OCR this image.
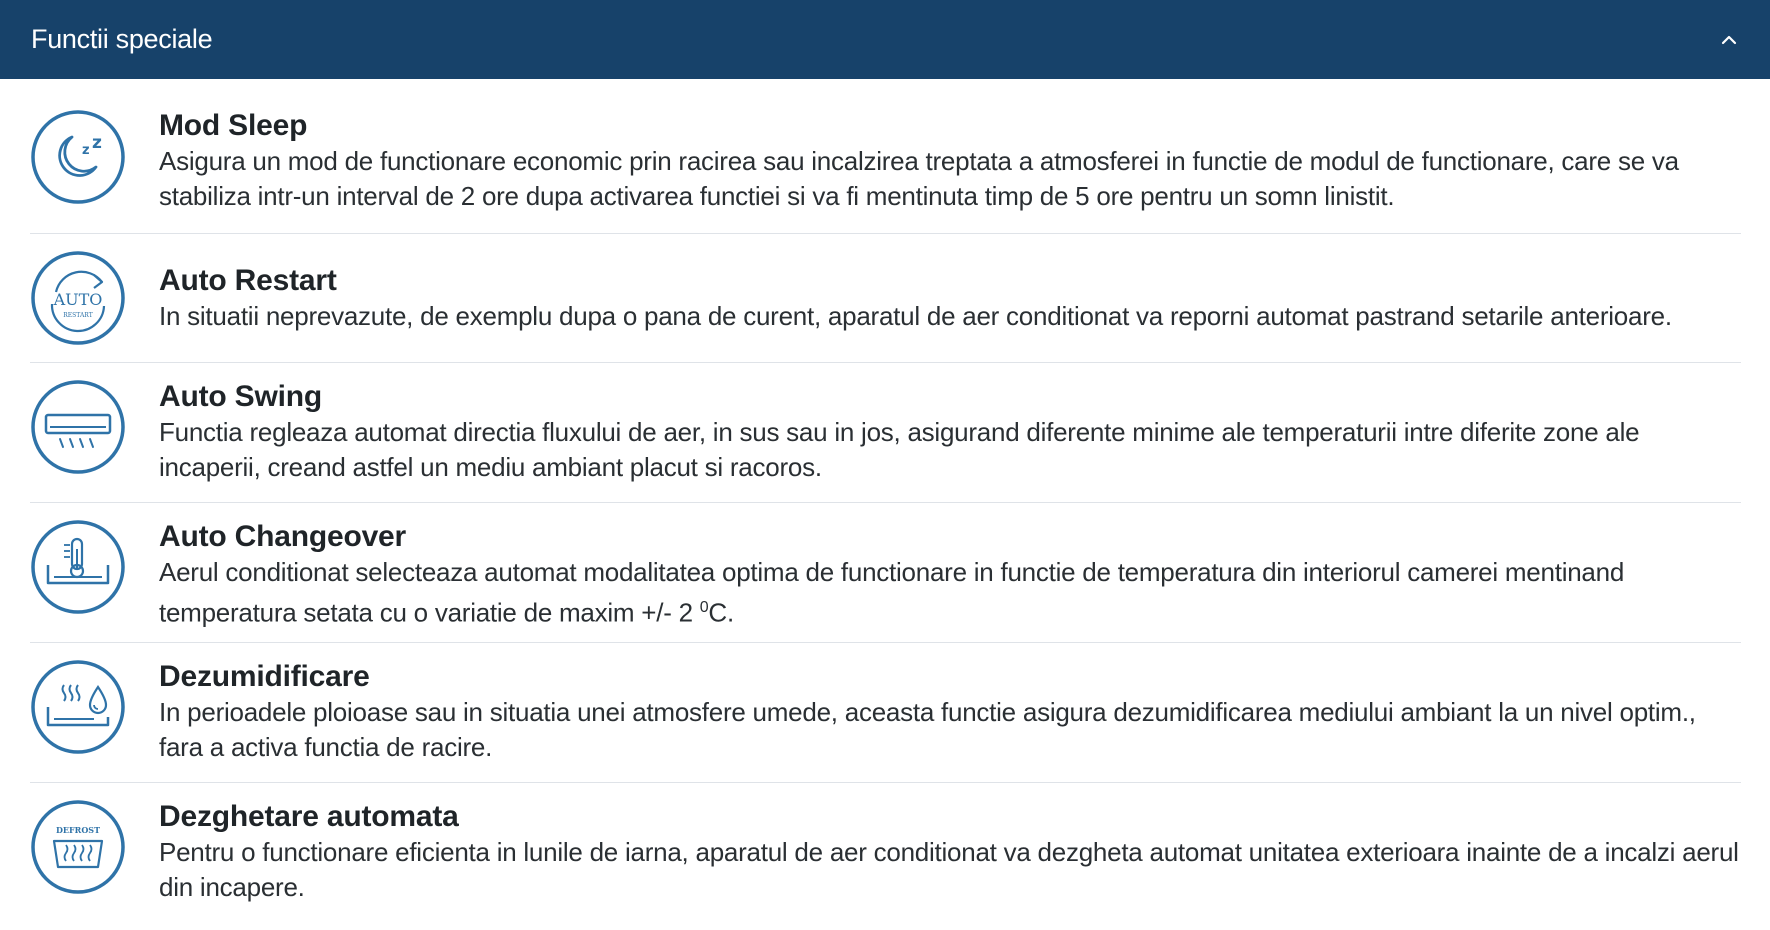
Functii speciale
z z
Mod Sleep
Asigura un mod de functionare economic prin racirea sau incalzirea treptata a atmosferei in functie de modul de functionare, care se va stabiliza intr-un interval de 2 ore dupa activarea functiei si va fi mentinuta timp de 5 ore pentru un somn linistit.
AUTO
RESTART
Auto Restart
In situatii neprevazute, de exemplu dupa o pana de curent, aparatul de aer conditionat va reporni automat pastrand setarile anterioare.
Auto Swing
Functia regleaza automat directia fluxului de aer, in sus sau in jos, asigurand diferente minime ale temperaturii intre diferite zone ale incaperii, creand astfel un mediu ambiant placut si racoros.
Auto Changeover
Aerul conditionat selecteaza automat modalitatea optima de functionare in functie de temperatura din interiorul camerei mentinand temperatura setata cu o variatie de maxim +/- 2 $^0$C.
Dezumidificare
In perioadele ploioase sau in situatia unei atmosfere umede, aceasta functie asigura dezumidificarea mediului ambiant la un nivel optim., fara a activa functia de racire.
DEFROST Dezghetare automata
Pentru o functionare eficienta in lunile de iarna, aparatul de aer conditionat va dezgheta automat unitatea exterioara inainte de a incalzi aerul din incapere.
